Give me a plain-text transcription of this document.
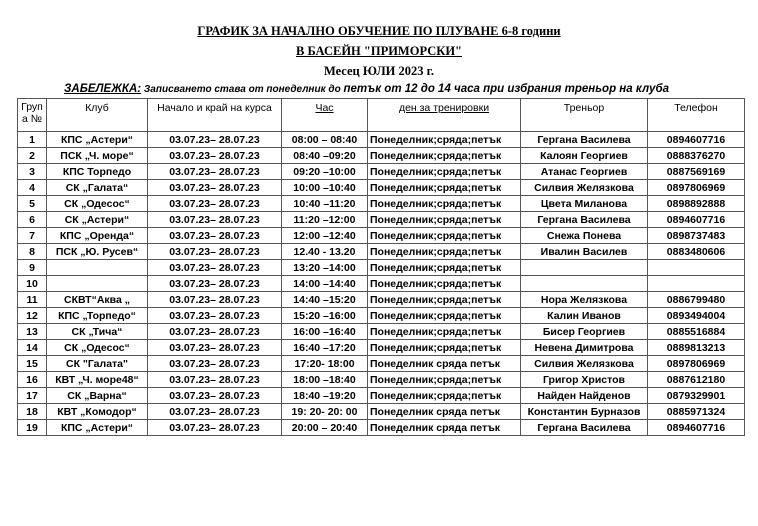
ГРАФИК ЗА НАЧАЛНО ОБУЧЕНИЕ ПО ПЛУВАНЕ 6-8 години
В БАСЕЙН "ПРИМОРСКИ"
Месец ЮЛИ 2023 г.
ЗАБЕЛЕЖКА: Записването става от понеделник до петък от 12 до 14 часа при избрания треньор на клуба
Груп а №	Клуб	Начало и край на курса	Час	ден за тренировки	Треньор	Телефон
1	КПС „Астери“	03.07.23– 28.07.23	08:00 – 08:40	Понеделник;сряда;петък	Гергана Василева	0894607716
2	ПСК „Ч. море“	03.07.23– 28.07.23	08:40 –09:20	Понеделник;сряда;петък	Калоян Георгиев	0888376270
3	КПС Торпедо	03.07.23– 28.07.23	09:20 –10:00	Понеделник;сряда;петък	Атанас Георгиев	0887569169
4	СК „Галата“	03.07.23– 28.07.23	10:00 –10:40	Понеделник;сряда;петък	Силвия Желязкова	0897806969
5	СК „Одесос“	03.07.23– 28.07.23	10:40 –11:20	Понеделник;сряда;петък	Цвета Миланова	0898892888
6	СК „Астери“	03.07.23– 28.07.23	11:20 –12:00	Понеделник;сряда;петък	Гергана Василева	0894607716
7	КПС „Оренда“	03.07.23– 28.07.23	12:00 –12:40	Понеделник;сряда;петък	Снежа Понева	0898737483
8	ПСК „Ю. Русев“	03.07.23– 28.07.23	12.40 - 13.20	Понеделник;сряда;петък	Ивалин Василев	0883480606
9		03.07.23– 28.07.23	13:20 –14:00	Понеделник;сряда;петък		
10		03.07.23– 28.07.23	14:00 –14:40	Понеделник;сряда;петък		
11	СКВТ“Аква „	03.07.23– 28.07.23	14:40 –15:20	Понеделник;сряда;петък	Нора Желязкова	0886799480
12	КПС „Торпедо“	03.07.23– 28.07.23	15:20 –16:00	Понеделник;сряда;петък	Калин Иванов	0893494004
13	СК „Тича“	03.07.23– 28.07.23	16:00 –16:40	Понеделник;сряда;петък	Бисер Георгиев	0885516884
14	СК „Одесос“	03.07.23– 28.07.23	16:40 –17:20	Понеделник;сряда;петък	Невена Димитрова	0889813213
15	СК "Галата"	03.07.23– 28.07.23	17:20- 18:00	Понеделник сряда петък	Силвия Желязкова	0897806969
16	КВТ „Ч. море48“	03.07.23– 28.07.23	18:00 –18:40	Понеделник;сряда;петък	Григор Христов	0887612180
17	СК „Варна“	03.07.23– 28.07.23	18:40 –19:20	Понеделник;сряда;петък	Найден Найденов	0879329901
18	КВТ „Комодор“	03.07.23– 28.07.23	19: 20- 20: 00	Понеделник сряда петък	Константин Бурназов	0885971324
19	КПС „Астери“	03.07.23– 28.07.23	20:00 – 20:40	Понеделник сряда петък	Гергана Василева	0894607716
